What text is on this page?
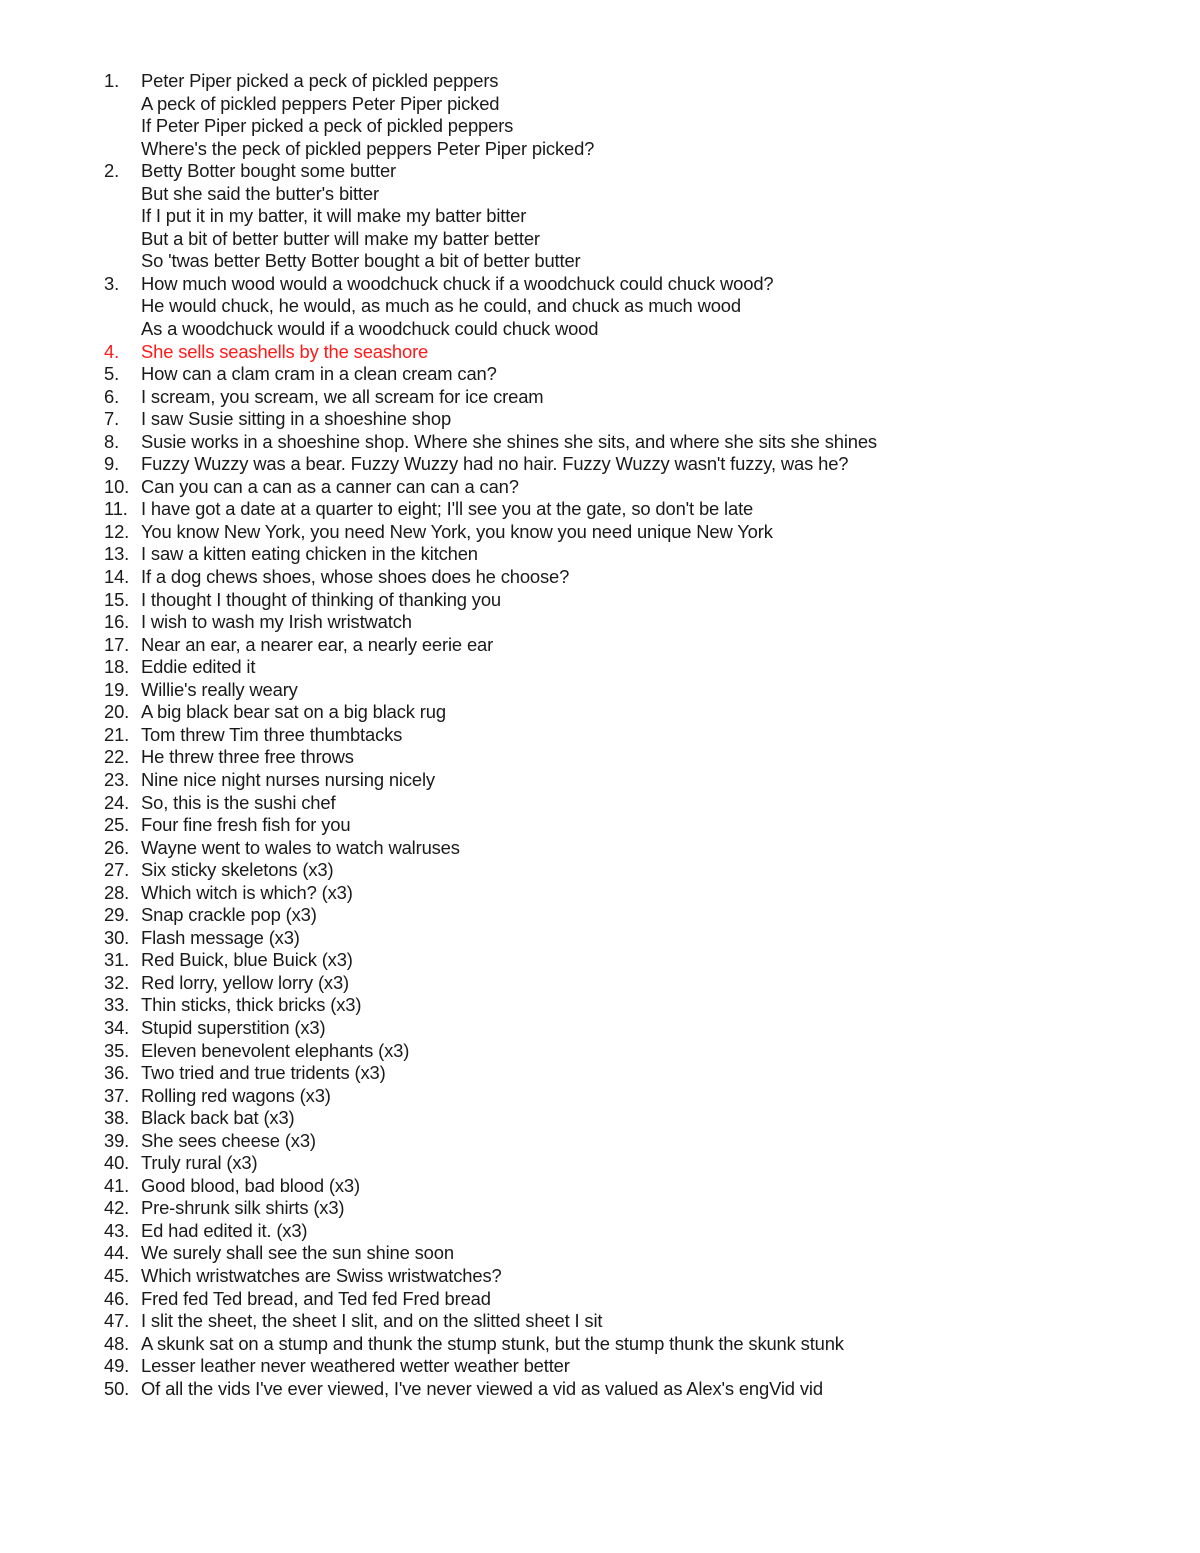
1.	Peter Piper picked a peck of pickled peppers
A peck of pickled peppers Peter Piper picked
If Peter Piper picked a peck of pickled peppers
Where's the peck of pickled peppers Peter Piper picked?
2.	Betty Botter bought some butter
But she said the butter's bitter
If I put it in my batter, it will make my batter bitter
But a bit of better butter will make my batter better
So 'twas better Betty Botter bought a bit of better butter
3.	How much wood would a woodchuck chuck if a woodchuck could chuck wood?
He would chuck, he would, as much as he could, and chuck as much wood
As a woodchuck would if a woodchuck could chuck wood
4.	She sells seashells by the seashore
5.	How can a clam cram in a clean cream can?
6.	I scream, you scream, we all scream for ice cream
7.	I saw Susie sitting in a shoeshine shop
8.	Susie works in a shoeshine shop. Where she shines she sits, and where she sits she shines
9.	Fuzzy Wuzzy was a bear. Fuzzy Wuzzy had no hair. Fuzzy Wuzzy wasn't fuzzy, was he?
10. Can you can a can as a canner can can a can?
11. I have got a date at a quarter to eight; I'll see you at the gate, so don't be late
12. You know New York, you need New York, you know you need unique New York
13. I saw a kitten eating chicken in the kitchen
14. If a dog chews shoes, whose shoes does he choose?
15. I thought I thought of thinking of thanking you
16. I wish to wash my Irish wristwatch
17. Near an ear, a nearer ear, a nearly eerie ear
18. Eddie edited it
19. Willie's really weary
20. A big black bear sat on a big black rug
21. Tom threw Tim three thumbtacks
22. He threw three free throws
23. Nine nice night nurses nursing nicely
24. So, this is the sushi chef
25. Four fine fresh fish for you
26. Wayne went to wales to watch walruses
27. Six sticky skeletons (x3)
28. Which witch is which? (x3)
29. Snap crackle pop (x3)
30. Flash message (x3)
31. Red Buick, blue Buick (x3)
32. Red lorry, yellow lorry (x3)
33. Thin sticks, thick bricks (x3)
34. Stupid superstition (x3)
35. Eleven benevolent elephants (x3)
36. Two tried and true tridents (x3)
37. Rolling red wagons (x3)
38. Black back bat (x3)
39. She sees cheese (x3)
40. Truly rural (x3)
41. Good blood, bad blood (x3)
42. Pre-shrunk silk shirts (x3)
43. Ed had edited it. (x3)
44. We surely shall see the sun shine soon
45. Which wristwatches are Swiss wristwatches?
46. Fred fed Ted bread, and Ted fed Fred bread
47. I slit the sheet, the sheet I slit, and on the slitted sheet I sit
48. A skunk sat on a stump and thunk the stump stunk, but the stump thunk the skunk stunk
49. Lesser leather never weathered wetter weather better
50. Of all the vids I've ever viewed, I've never viewed a vid as valued as Alex's engVid vid
